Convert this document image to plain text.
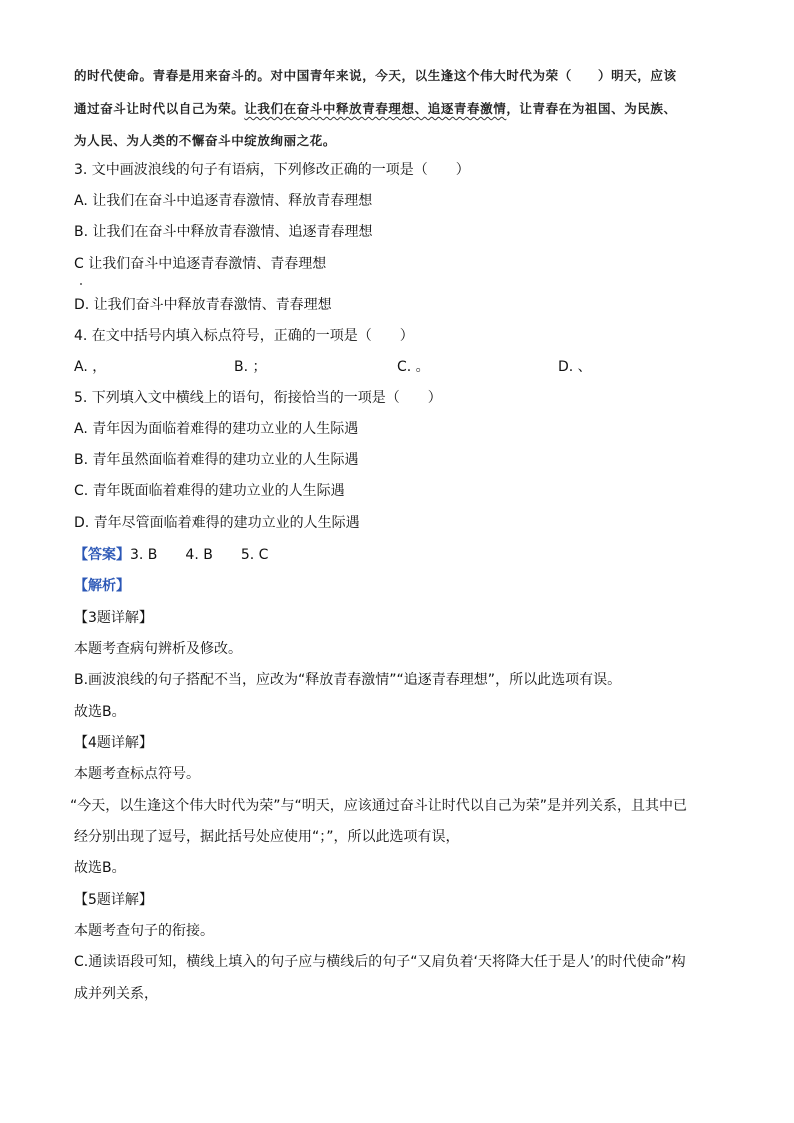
的时代使命。青春是用来奋斗的。对中国青年来说，今天，以生逢这个伟大时代为荣（　　）明天，应该
通过奋斗让时代以自己为荣。让我们在奋斗中释放青春理想、追逐青春激情，让青春在为祖国、为民族、
为人民、为人类的不懈奋斗中绽放绚丽之花。
3. 文中画波浪线的句子有语病，下列修改正确的一项是（　　）
A. 让我们在奋斗中追逐青春激情、释放青春理想
B. 让我们在奋斗中释放青春激情、追逐青春理想
C 让我们奋斗中追逐青春激情、青春理想
D. 让我们奋斗中释放青春激情、青春理想
4. 在文中括号内填入标点符号，正确的一项是（　　）
A. ，	B. ；	C. 。	D. 、
5. 下列填入文中横线上的语句，衔接恰当的一项是（　　）
A. 青年因为面临着难得的建功立业的人生际遇
B. 青年虽然面临着难得的建功立业的人生际遇
C. 青年既面临着难得的建功立业的人生际遇
D. 青年尽管面临着难得的建功立业的人生际遇
【答案】3. B　　4. B　　5. C
【解析】
【3题详解】
本题考查病句辨析及修改。
B.画波浪线的句子搭配不当，应改为“释放青春激情”“追逐青春理想”，所以此选项有误。
故选B。
【4题详解】
本题考查标点符号。
“今天，以生逢这个伟大时代为荣”与“明天，应该通过奋斗让时代以自己为荣”是并列关系，且其中已
经分别出现了逗号，据此括号处应使用“；”，所以此选项有误，
故选B。
【5题详解】
本题考查句子的衔接。
C.通读语段可知，横线上填入的句子应与横线后的句子“又肩负着‘天将降大任于是人’的时代使命”构
成并列关系，
